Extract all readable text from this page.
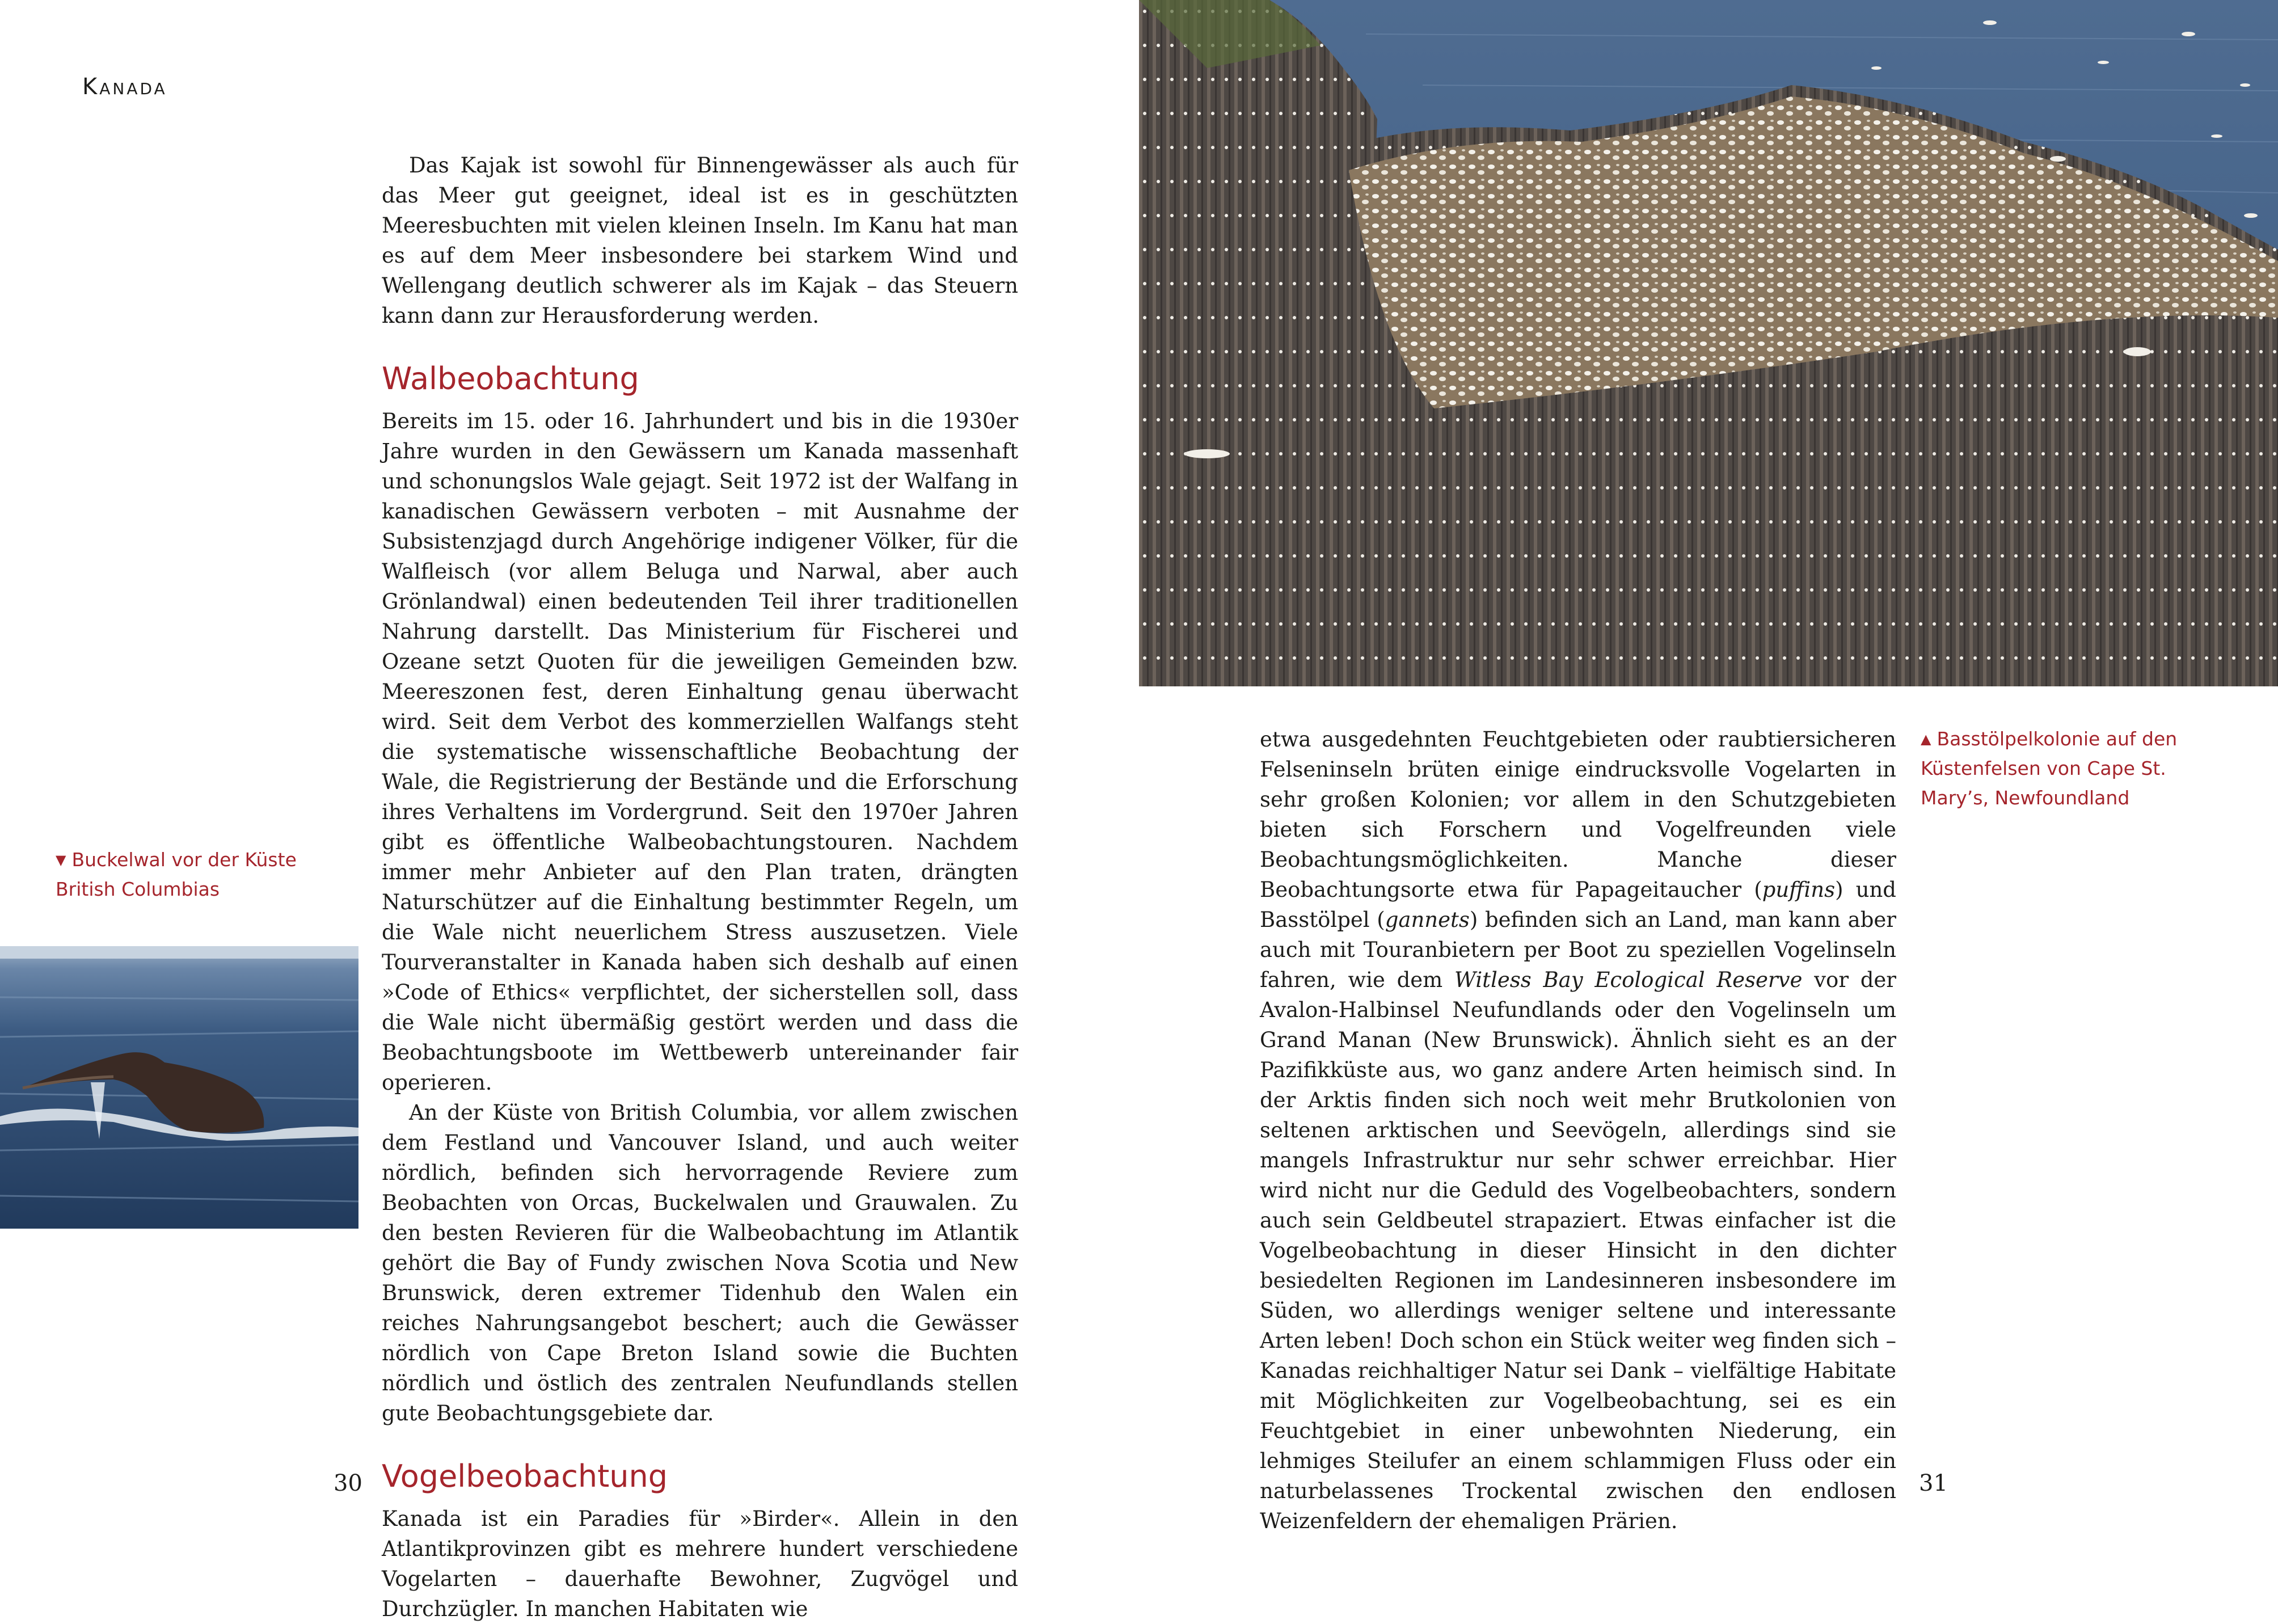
Kanada

Das Kajak ist sowohl für Binnengewässer als auch für das Meer gut geeignet, ideal ist es in geschützten Meeresbuchten mit vielen kleinen Inseln. Im Kanu hat man es auf dem Meer insbesondere bei starkem Wind und Wellengang deutlich schwerer als im Kajak – das Steuern kann dann zur Herausforderung werden.

Walbeobachtung

Bereits im 15. oder 16. Jahrhundert und bis in die 1930er Jahre wurden in den Gewässern um Kanada massenhaft und schonungslos Wale gejagt. Seit 1972 ist der Walfang in kanadischen Gewässern verboten – mit Ausnahme der Subsistenzjagd durch Angehörige indigener Völker, für die Walfleisch (vor allem Beluga und Narwal, aber auch Grönlandwal) einen bedeutenden Teil ihrer traditionellen Nahrung darstellt. Das Ministerium für Fischerei und Ozeane setzt Quoten für die jeweiligen Gemeinden bzw. Meereszonen fest, deren Einhaltung genau überwacht wird. Seit dem Verbot des kommerziellen Walfangs steht die systematische wissenschaftliche Beobachtung der Wale, die Registrierung der Bestände und die Erforschung ihres Verhaltens im Vordergrund. Seit den 1970er Jahren gibt es öffentliche Walbeobachtungstouren. Nachdem immer mehr Anbieter auf den Plan traten, drängten Naturschützer auf die Einhaltung bestimmter Regeln, um die Wale nicht neuerlichem Stress auszusetzen. Viele Tourveranstalter in Kanada haben sich deshalb auf einen »Code of Ethics« verpflichtet, der sicherstellen soll, dass die Wale nicht übermäßig gestört werden und dass die Beobachtungsboote im Wettbewerb untereinander fair operieren.

An der Küste von British Columbia, vor allem zwischen dem Festland und Vancouver Island, und auch weiter nördlich, befinden sich hervorragende Reviere zum Beobachten von Orcas, Buckelwalen und Grauwalen. Zu den besten Revieren für die Walbeobachtung im Atlantik gehört die Bay of Fundy zwischen Nova Scotia und New Brunswick, deren extremer Tidenhub den Walen ein reiches Nahrungsangebot beschert; auch die Gewässer nördlich von Cape Breton Island sowie die Buchten nördlich und östlich des zentralen Neufundlands stellen gute Beobachtungsgebiete dar.

Vogelbeobachtung

Kanada ist ein Paradies für »Birder«. Allein in den Atlantikprovinzen gibt es mehrere hundert verschiedene Vogelarten – dauerhafte Bewohner, Zugvögel und Durchzügler. In manchen Habitaten wie

▼ Buckelwal vor der Küste British Columbias
30

etwa ausgedehnten Feuchtgebieten oder raubtiersicheren Felseninseln brüten einige eindrucksvolle Vogelarten in sehr großen Kolonien; vor allem in den Schutzgebieten bieten sich Forschern und Vogelfreunden viele Beobachtungsmöglichkeiten. Manche dieser Beobachtungsorte etwa für Papageitaucher (puffins) und Basstölpel (gannets) befinden sich an Land, man kann aber auch mit Touranbietern per Boot zu speziellen Vogelinseln fahren, wie dem Witless Bay Ecological Reserve vor der Avalon-Halbinsel Neufundlands oder den Vogelinseln um Grand Manan (New Brunswick). Ähnlich sieht es an der Pazifikküste aus, wo ganz andere Arten heimisch sind. In der Arktis finden sich noch weit mehr Brutkolonien von seltenen arktischen und Seevögeln, allerdings sind sie mangels Infrastruktur nur sehr schwer erreichbar. Hier wird nicht nur die Geduld des Vogelbeobachters, sondern auch sein Geldbeutel strapaziert. Etwas einfacher ist die Vogelbeobachtung in dieser Hinsicht in den dichter besiedelten Regionen im Landesinneren insbesondere im Süden, wo allerdings weniger seltene und interessante Arten leben! Doch schon ein Stück weiter weg finden sich – Kanadas reichhaltiger Natur sei Dank – vielfältige Habitate mit Möglichkeiten zur Vogelbeobachtung, sei es ein Feuchtgebiet in einer unbewohnten Niederung, ein lehmiges Steilufer an einem schlammigen Fluss oder ein naturbelassenes Trockental zwischen den endlosen Weizenfeldern der ehemaligen Prärien.

▲ Basstölpelkolonie auf den Küstenfelsen von Cape St. Mary’s, Newfoundland
31
